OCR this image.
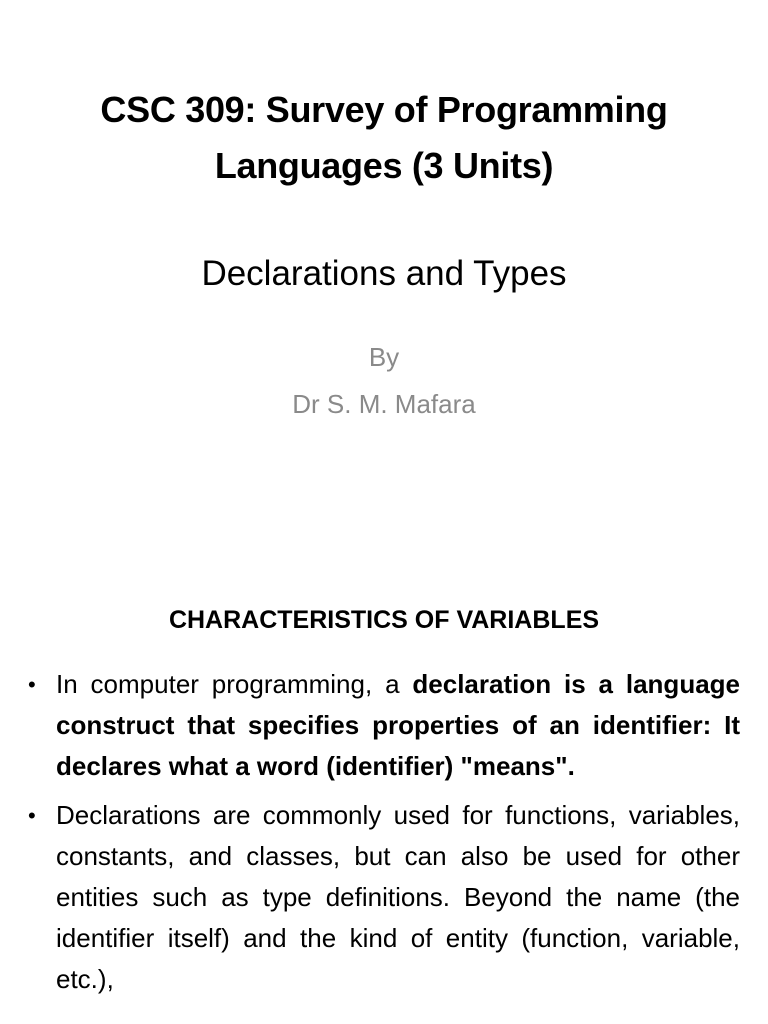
CSC 309: Survey of Programming
Languages (3 Units)
Declarations and Types
By
Dr S. M. Mafara
CHARACTERISTICS OF VARIABLES
• In computer programming, a declaration is a language construct that specifies properties of an identifier: It declares what a word (identifier) "means".
• Declarations are commonly used for functions, variables, constants, and classes, but can also be used for other entities such as type definitions. Beyond the name (the identifier itself) and the kind of entity (function, variable, etc.),
